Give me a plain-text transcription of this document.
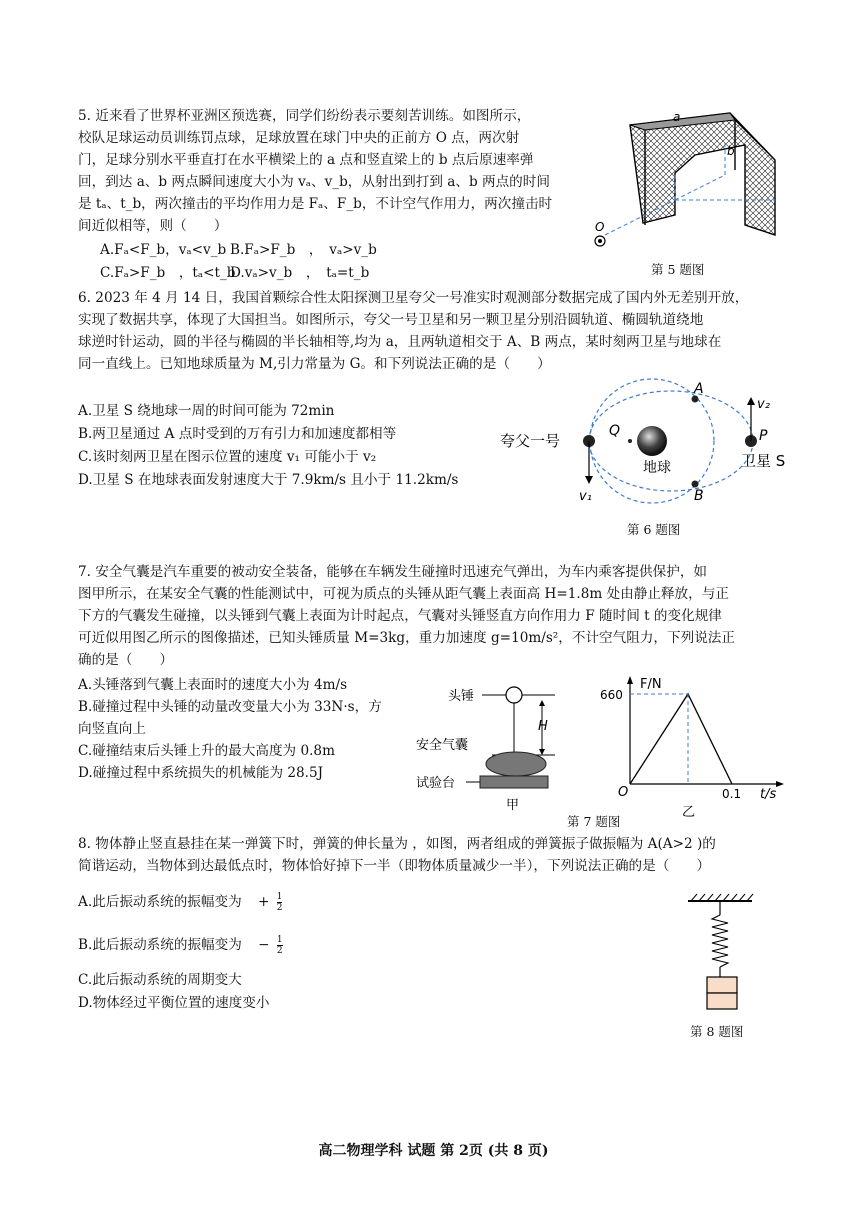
5. 近来看了世界杯亚洲区预选赛，同学们纷纷表示要刻苦训练。如图所示，
校队足球运动员训练罚点球，足球放置在球门中央的正前方 O 点，两次射
门，足球分别水平垂直打在水平横梁上的 a 点和竖直梁上的 b 点后原速率弹
回，到达 a、b 两点瞬间速度大小为 vₐ、v_b，从射出到打到 a、b 两点的时间
是 tₐ、t_b，两次撞击的平均作用力是 Fₐ、F_b，不计空气作用力，两次撞击时
间近似相等，则（　　）
A.Fₐ<F_b，vₐ<v_b B.Fₐ>F_b　，　vₐ>v_b
C.Fₐ>F_b　，tₐ<t_b
D.vₐ>v_b　，　tₐ=t_b
a
b
O
第 5 题图
6. 2023 年 4 月 14 日，我国首颗综合性太阳探测卫星夸父一号准实时观测部分数据完成了国内外无差别开放，
实现了数据共享，体现了大国担当。如图所示，夸父一号卫星和另一颗卫星分别沿圆轨道、椭圆轨道绕地
球逆时针运动，圆的半径与椭圆的半长轴相等,均为 a，且两轨道相交于 A、B 两点，某时刻两卫星与地球在
同一直线上。已知地球质量为 M,引力常量为 G。和下列说法正确的是（　　）
A.卫星 S 绕地球一周的时间可能为 72min
B.两卫星通过 A 点时受到的万有引力和加速度都相等
C.该时刻两卫星在图示位置的速度 v₁ 可能小于 v₂
D.卫星 S 在地球表面发射速度大于 7.9km/s 且小于 11.2km/s
夸父一号
Q
A
B
地球
P
卫星 S
v₁
v₂
第 6 题图
7. 安全气囊是汽车重要的被动安全装备，能够在车辆发生碰撞时迅速充气弹出，为车内乘客提供保护，如
图甲所示，在某安全气囊的性能测试中，可视为质点的头锤从距气囊上表面高 H=1.8m 处由静止释放，与正
下方的气囊发生碰撞，以头锤到气囊上表面为计时起点，气囊对头锤竖直方向作用力 F 随时间 t 的变化规律
可近似用图乙所示的图像描述，已知头锤质量 M=3kg，重力加速度 g=10m/s²，不计空气阻力，下列说法正
确的是（　　）
A.头锤落到气囊上表面时的速度大小为 4m/s
B.碰撞过程中头锤的动量改变量大小为 33N·s，方
向竖直向上
C.碰撞结束后头锤上升的最大高度为 0.8m
D.碰撞过程中系统损失的机械能为 28.5J
头锤
H
安全气囊
试验台
甲
F/N
660
O	0.1 t/s
乙
第 7 题图
8. 物体静止竖直悬挂在某一弹簧下时，弹簧的伸长量为 ，如图，两者组成的弹簧振子做振幅为 A(A>2 )的
简谐运动，当物体到达最低点时，物体恰好掉下一半（即物体质量减少一半），下列说法正确的是（　　）
A.此后振动系统的振幅变为 + $\frac{1}{2}$
B.此后振动系统的振幅变为 − $\frac{1}{2}$
C.此后振动系统的周期变大
D.物体经过平衡位置的速度变小
第 8 题图
高二物理学科 试题 第 2页 (共 8 页)
